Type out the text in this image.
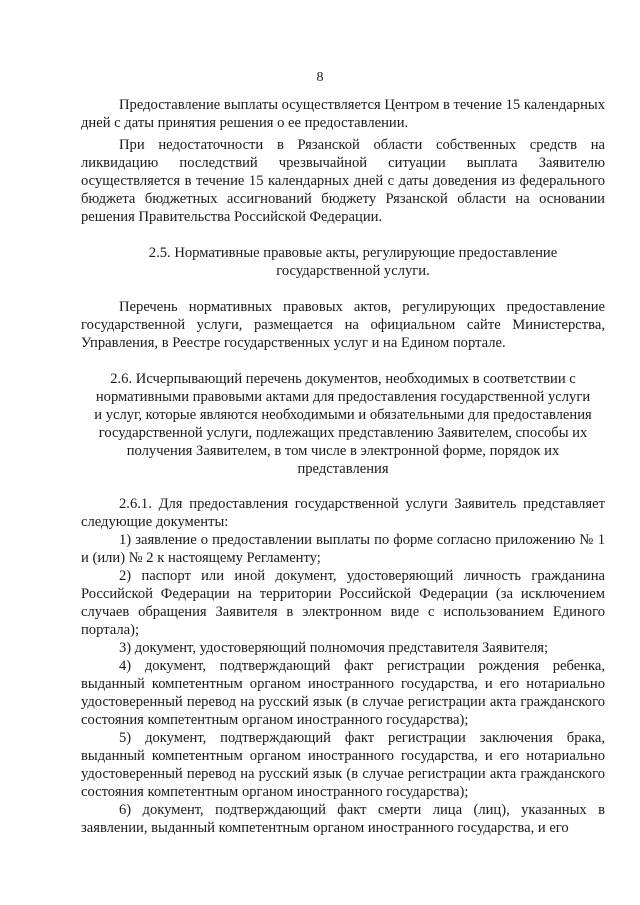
8

Предоставление выплаты осуществляется Центром в течение 15 календарных дней с даты принятия решения о ее предоставлении.

При недостаточности в Рязанской области собственных средств на ликвидацию последствий чрезвычайной ситуации выплата Заявителю осуществляется в течение 15 календарных дней с даты доведения из федерального бюджета бюджетных ассигнований бюджету Рязанской области на основании решения Правительства Российской Федерации.

2.5. Нормативные правовые акты, регулирующие предоставление государственной услуги.

Перечень нормативных правовых актов, регулирующих предоставление государственной услуги, размещается на официальном сайте Министерства, Управления, в Реестре государственных услуг и на Едином портале.

2.6. Исчерпывающий перечень документов, необходимых в соответствии с нормативными правовыми актами для предоставления государственной услуги и услуг, которые являются необходимыми и обязательными для предоставления государственной услуги, подлежащих представлению Заявителем, способы их получения Заявителем, в том числе в электронной форме, порядок их представления

2.6.1. Для предоставления государственной услуги Заявитель представляет следующие документы:

1) заявление о предоставлении выплаты по форме согласно приложению № 1 и (или) № 2 к настоящему Регламенту;

2) паспорт или иной документ, удостоверяющий личность гражданина Российской Федерации на территории Российской Федерации (за исключением случаев обращения Заявителя в электронном виде с использованием Единого портала);

3) документ, удостоверяющий полномочия представителя Заявителя;

4) документ, подтверждающий факт регистрации рождения ребенка, выданный компетентным органом иностранного государства, и его нотариально удостоверенный перевод на русский язык (в случае регистрации акта гражданского состояния компетентным органом иностранного государства);

5) документ, подтверждающий факт регистрации заключения брака, выданный компетентным органом иностранного государства, и его нотариально удостоверенный перевод на русский язык (в случае регистрации акта гражданского состояния компетентным органом иностранного государства);

6) документ, подтверждающий факт смерти лица (лиц), указанных в заявлении, выданный компетентным органом иностранного государства, и его
